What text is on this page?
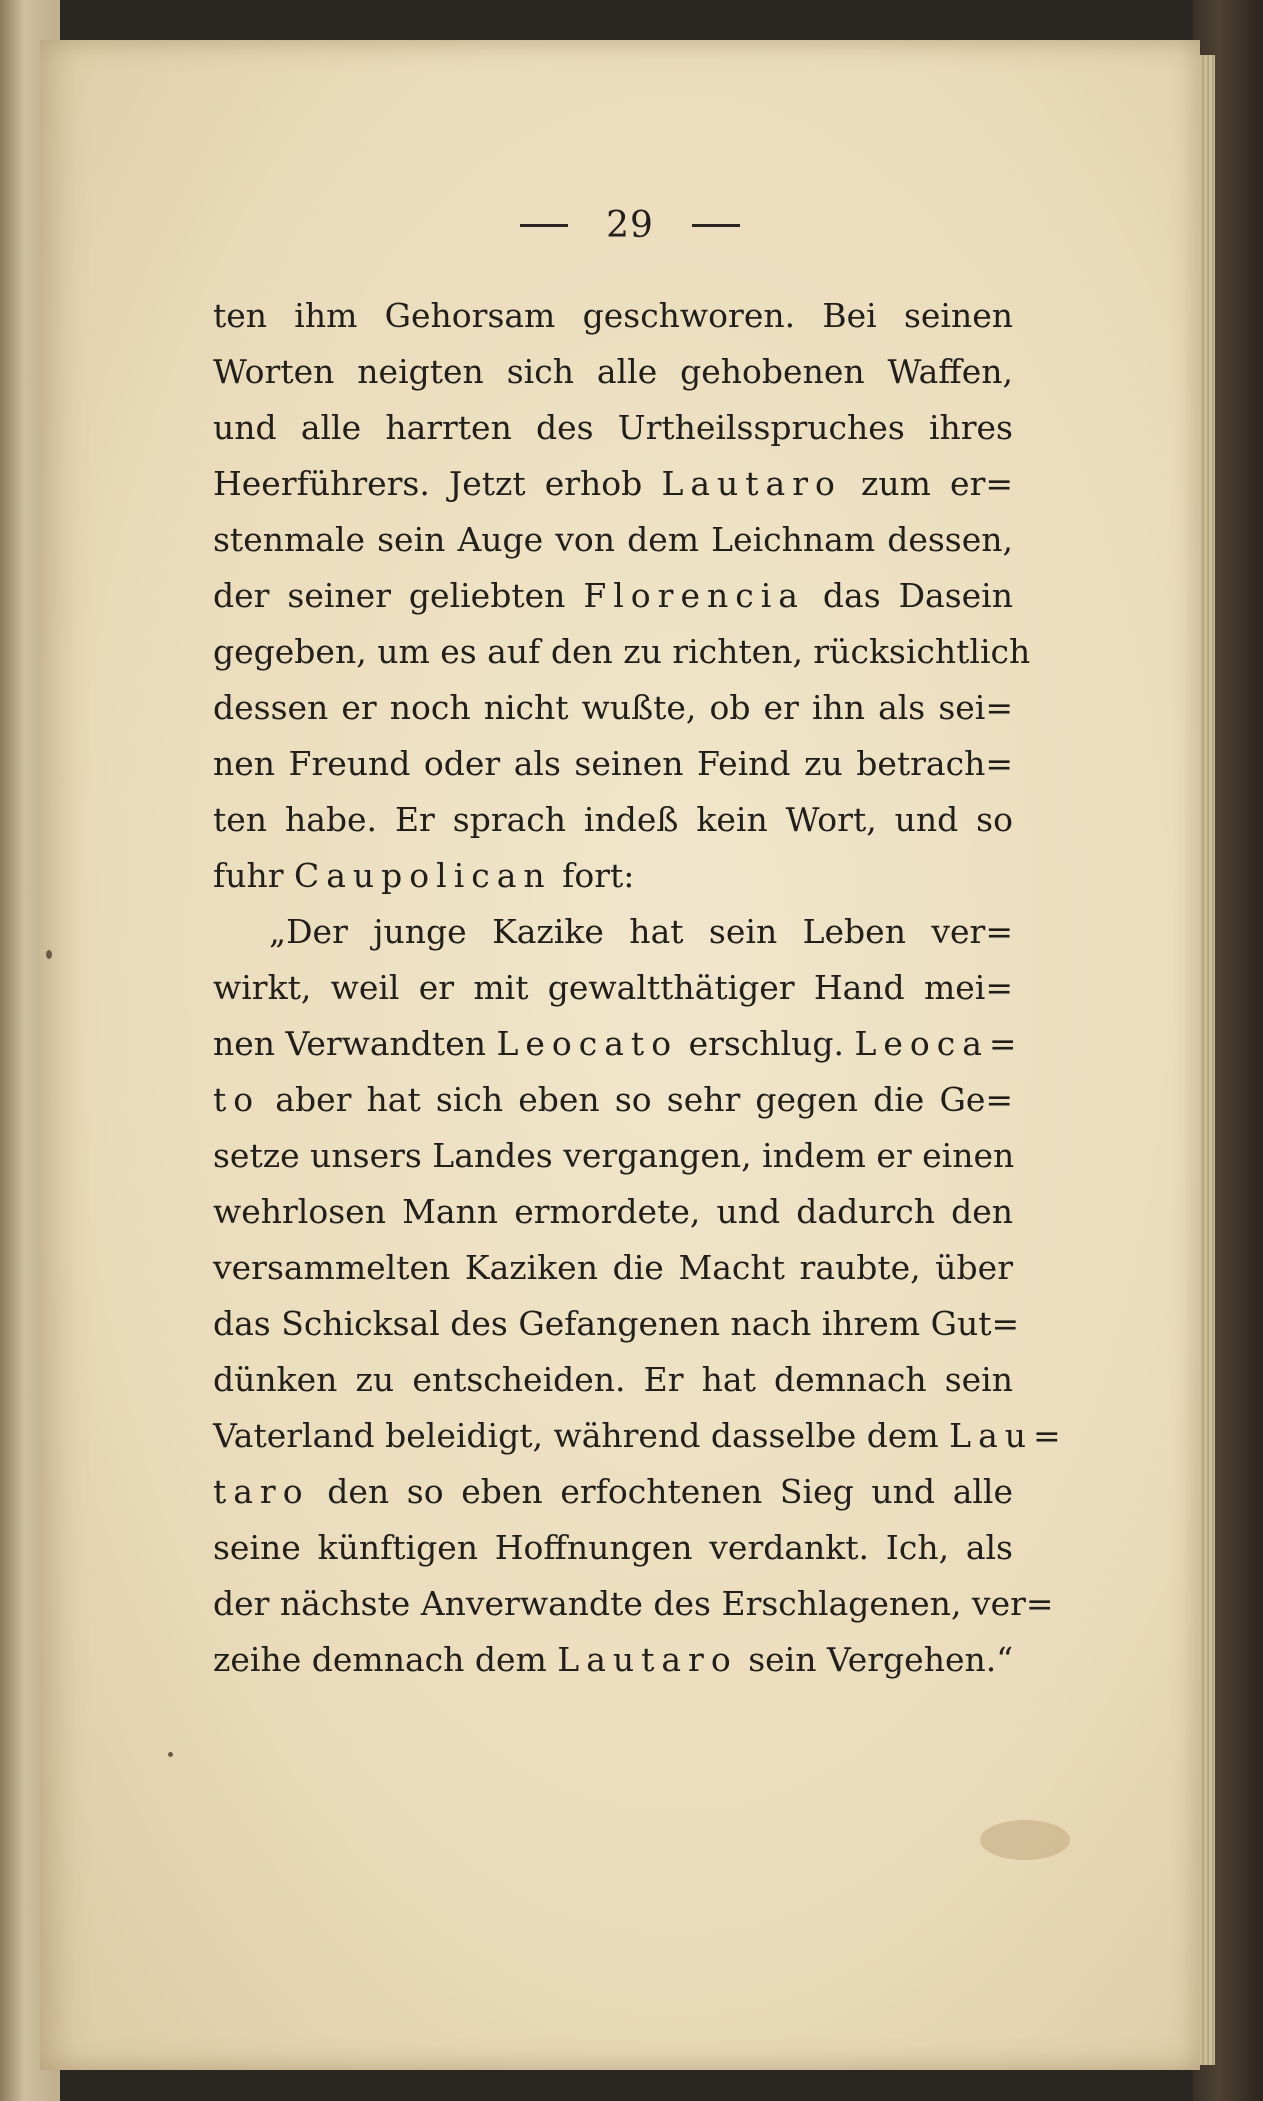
29
ten ihm Gehorsam geschworen. Bei seinen
Worten neigten sich alle gehobenen Waffen,
und alle harrten des Urtheilsspruches ihres
Heerführers. Jetzt erhob Lautaro zum er=
stenmale sein Auge von dem Leichnam dessen,
der seiner geliebten Florencia das Dasein
gegeben, um es auf den zu richten, rücksichtlich
dessen er noch nicht wußte, ob er ihn als sei=
nen Freund oder als seinen Feind zu betrach=
ten habe. Er sprach indeß kein Wort, und so
fuhr Caupolican fort:
„Der junge Kazike hat sein Leben ver=
wirkt, weil er mit gewaltthätiger Hand mei=
nen Verwandten Leocato erschlug. Leoca=
to aber hat sich eben so sehr gegen die Ge=
setze unsers Landes vergangen, indem er einen
wehrlosen Mann ermordete, und dadurch den
versammelten Kaziken die Macht raubte, über
das Schicksal des Gefangenen nach ihrem Gut=
dünken zu entscheiden. Er hat demnach sein
Vaterland beleidigt, während dasselbe dem Lau=
taro den so eben erfochtenen Sieg und alle
seine künftigen Hoffnungen verdankt. Ich, als
der nächste Anverwandte des Erschlagenen, ver=
zeihe demnach dem Lautaro sein Vergehen.“
